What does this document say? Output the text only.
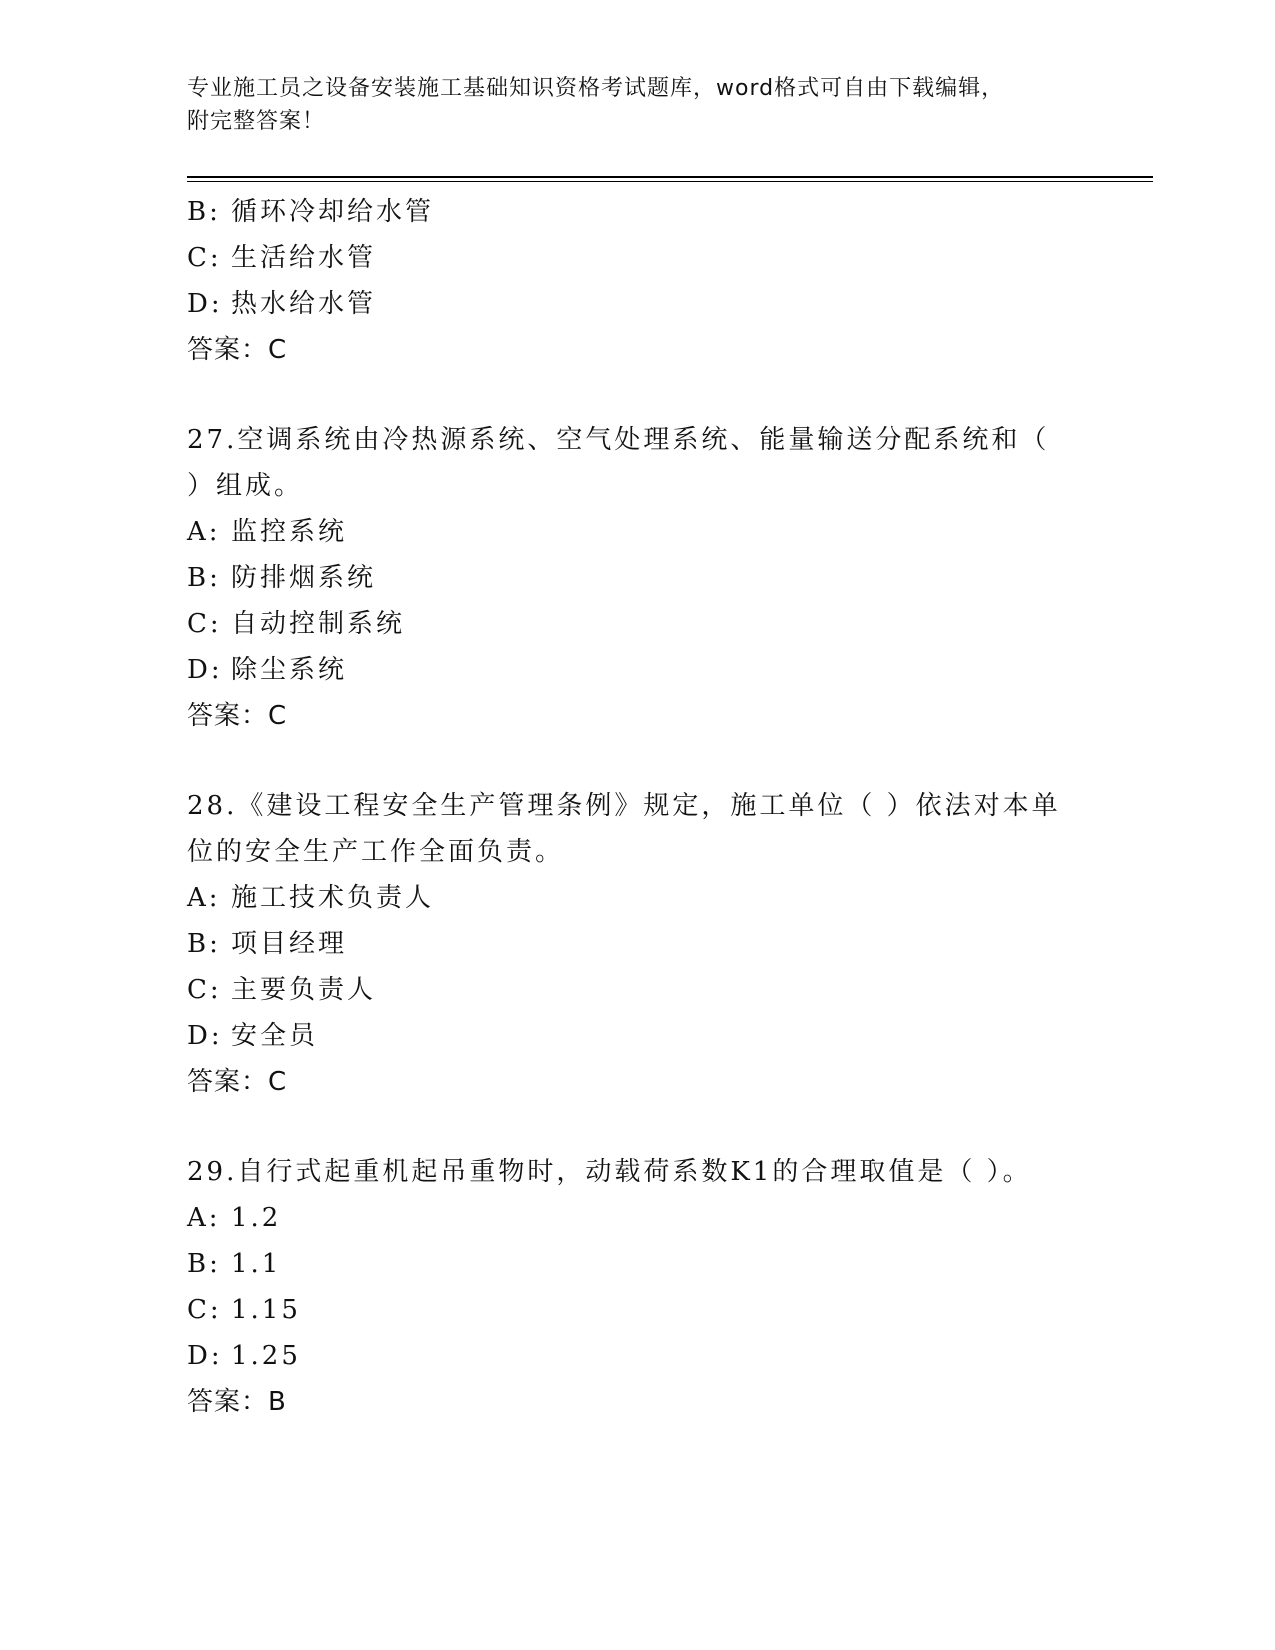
专业施工员之设备安装施工基础知识资格考试题库，word格式可自由下载编辑，
附完整答案！
B: 循环冷却给水管
C: 生活给水管
D: 热水给水管
答案：C
27.空调系统由冷热源系统、空气处理系统、能量输送分配系统和（
）组成。
A: 监控系统
B: 防排烟系统
C: 自动控制系统
D: 除尘系统
答案：C
28.《建设工程安全生产管理条例》规定，施工单位（ ）依法对本单
位的安全生产工作全面负责。
A: 施工技术负责人
B: 项目经理
C: 主要负责人
D: 安全员
答案：C
29.自行式起重机起吊重物时，动载荷系数K1的合理取值是（ ）。
A: 1.2
B: 1.1
C: 1.15
D: 1.25
答案：B
